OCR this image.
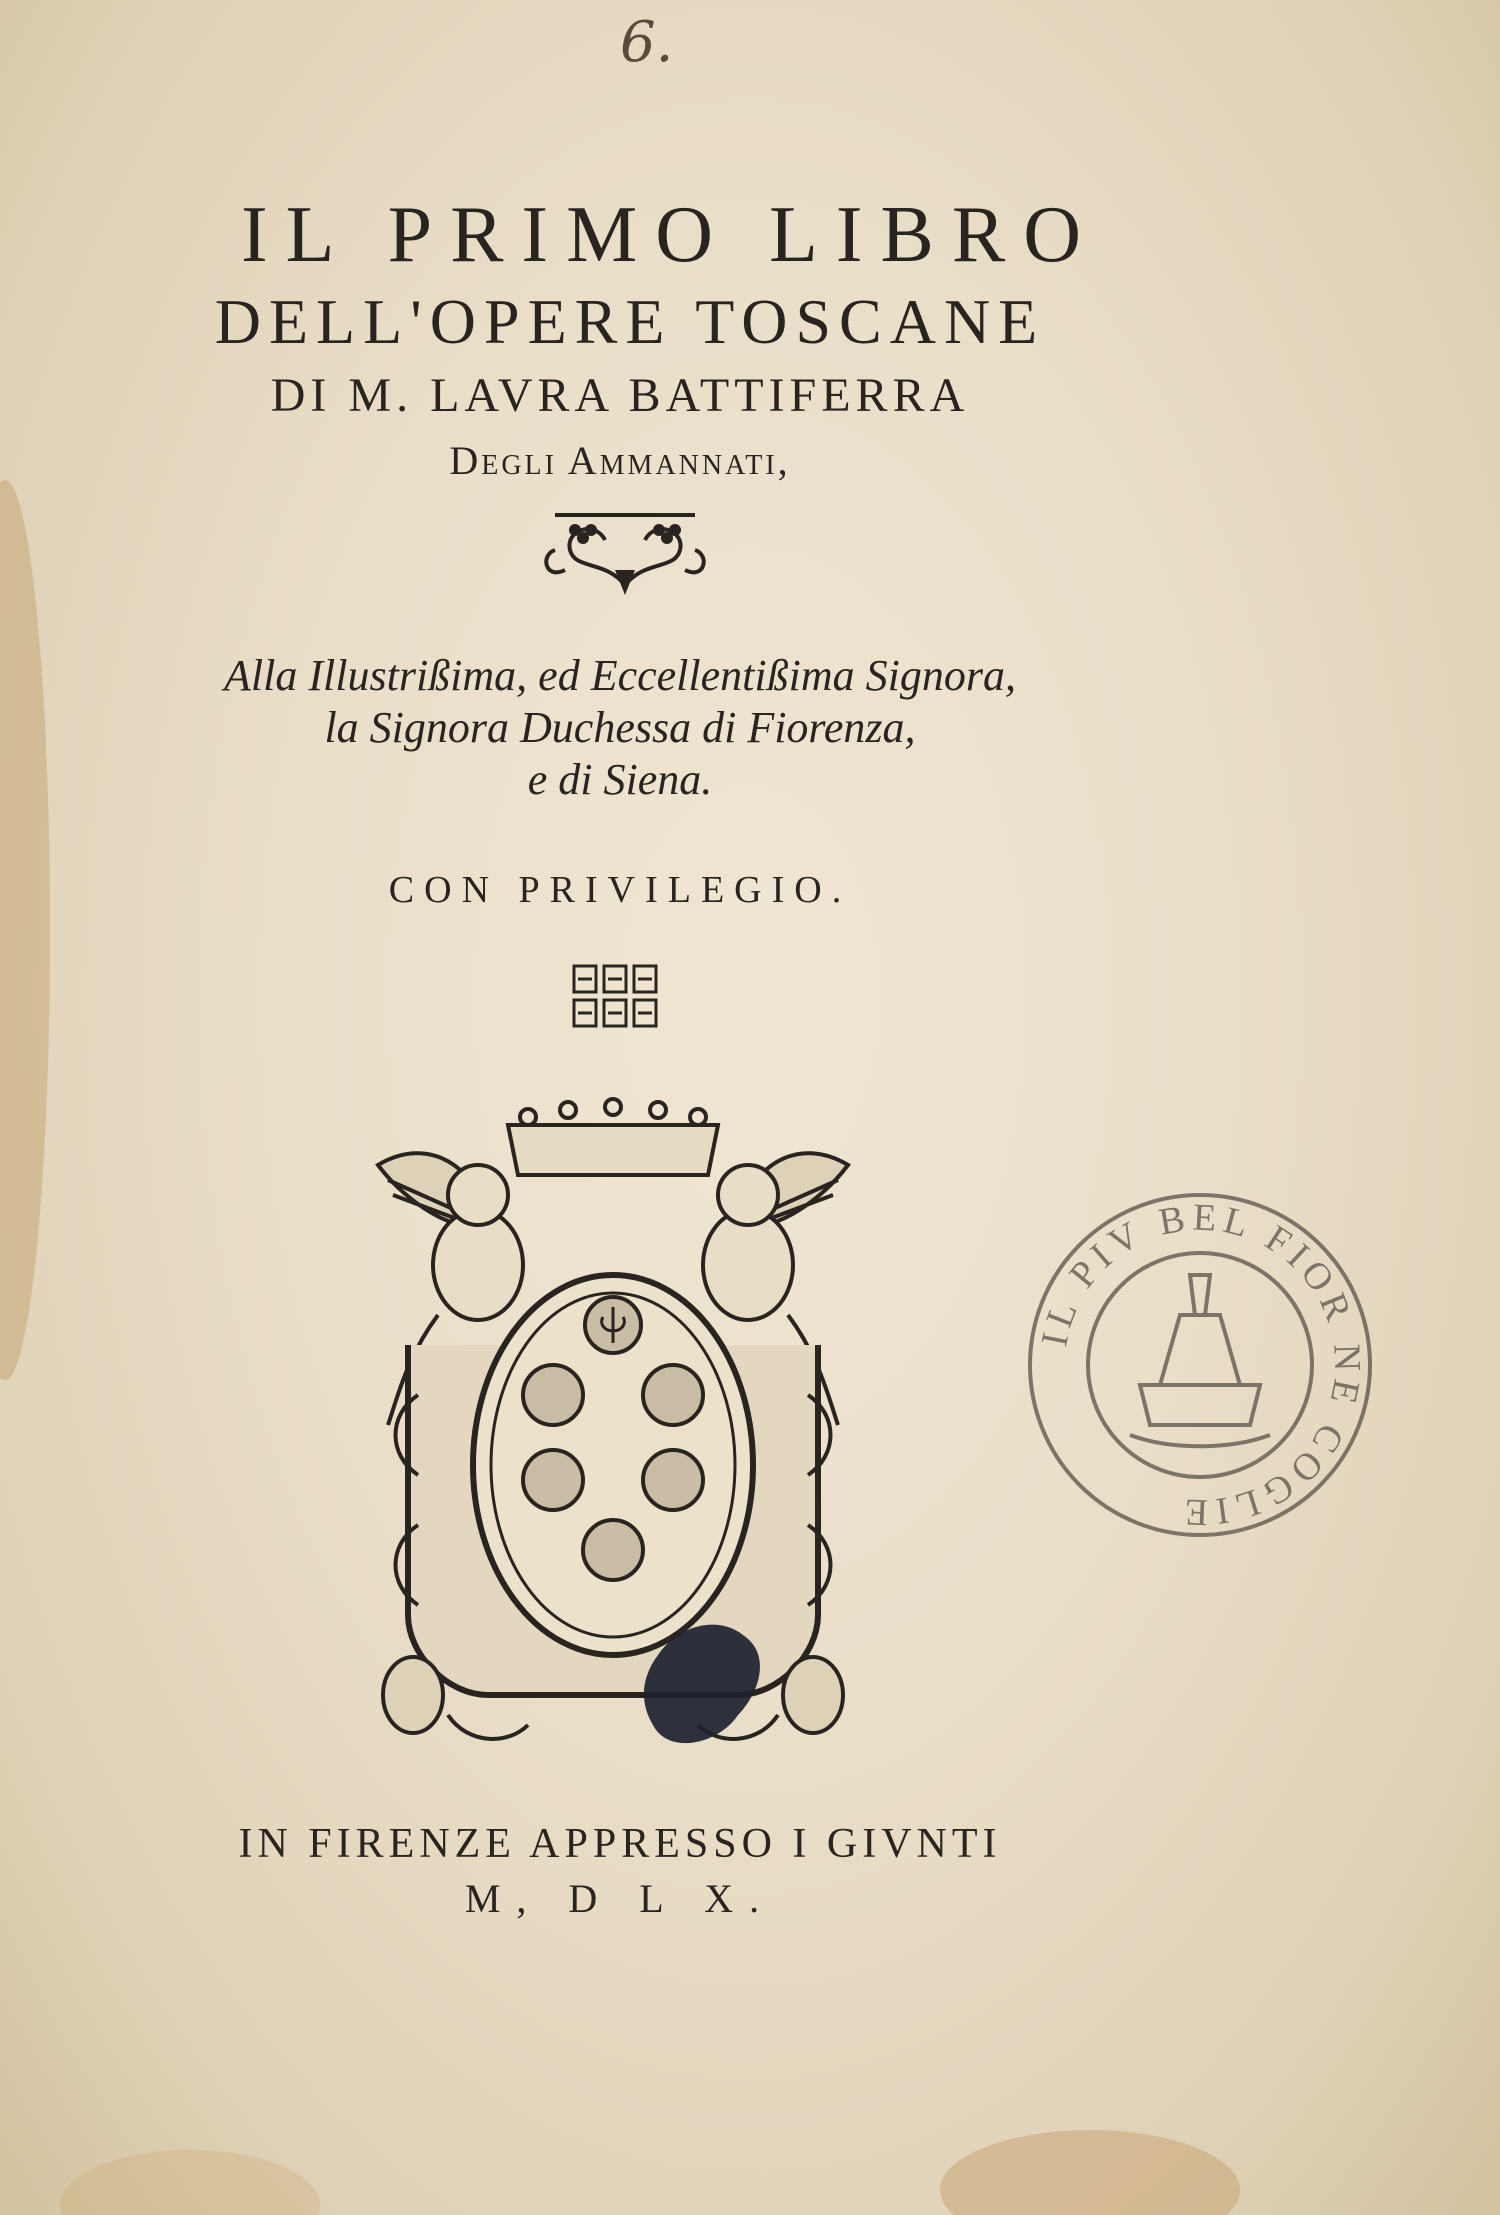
6.
IL PRIMO LIBRO
DELL'OPERE TOSCANE
DI M. LAVRA BATTIFERRA
Degli Ammannati,
Alla Illustrißima, ed Eccellentißima Signora,
la Signora Duchessa di Fiorenza,
e di Siena.
CON PRIVILEGIO.
IL PIV BEL FIOR NE COGLIE
IN FIRENZE APPRESSO I GIVNTI
M, D L X.
